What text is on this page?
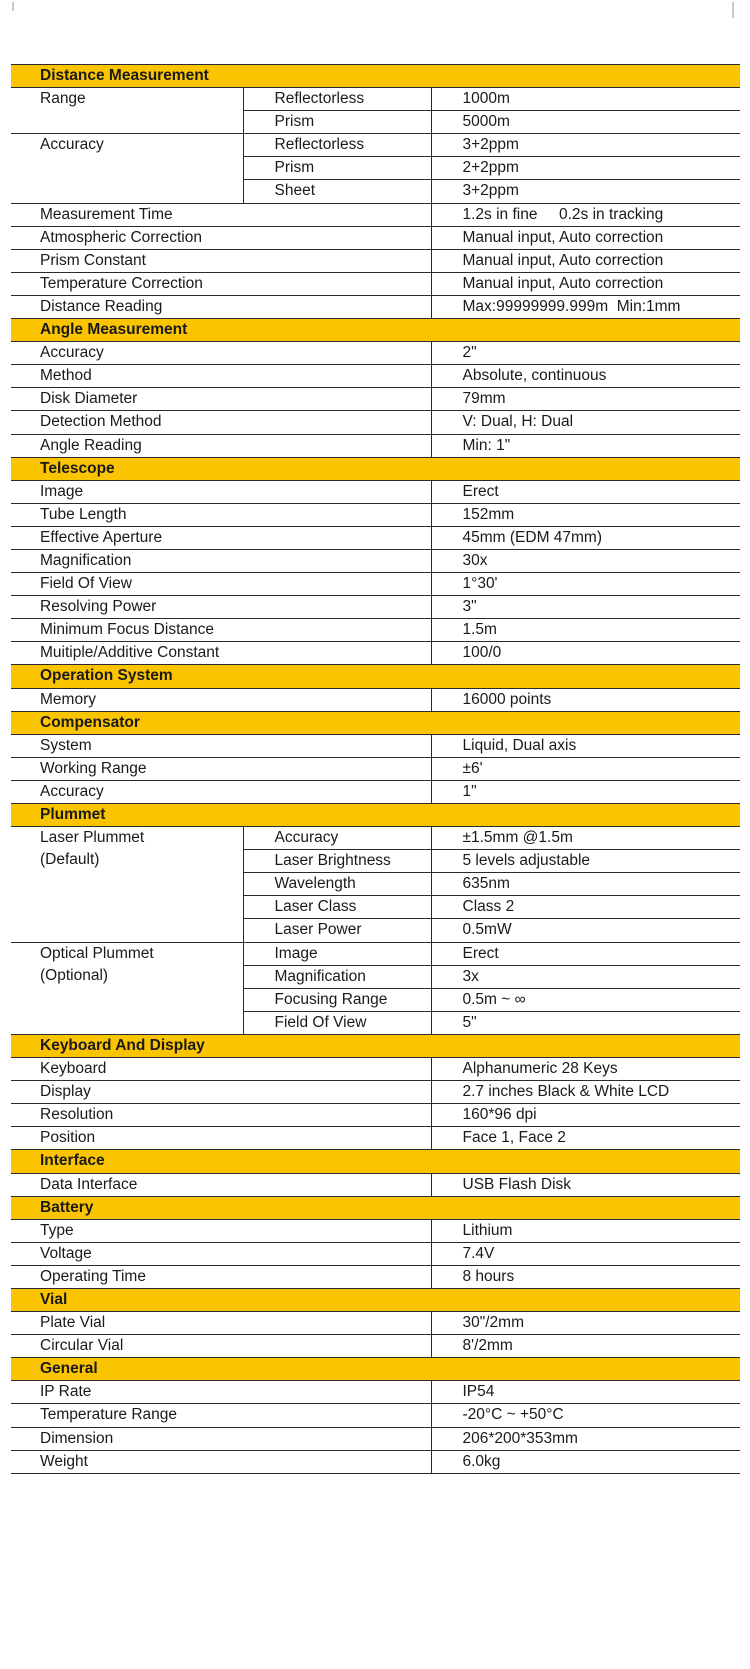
Distance Measurement		
Range	Reflectorless	1000m
	Prism	5000m
Accuracy	Reflectorless	3+2ppm
	Prism	2+2ppm
	Sheet	3+2ppm
Measurement Time		1.2s in fine     0.2s in tracking
Atmospheric Correction		Manual input, Auto correction
Prism Constant		Manual input, Auto correction
Temperature Correction		Manual input, Auto correction
Distance Reading		Max:99999999.999m  Min:1mm
Angle Measurement		
Accuracy		2"
Method		Absolute, continuous
Disk Diameter		79mm
Detection Method		V: Dual, H: Dual
Angle Reading		Min: 1"
Telescope		
Image		Erect
Tube Length		152mm
Effective Aperture		45mm (EDM 47mm)
Magnification		30x
Field Of View		1°30'
Resolving Power		3"
Minimum Focus Distance		1.5m
Muitiple/Additive Constant		100/0
Operation System		
Memory		16000 points
Compensator		
System		Liquid, Dual axis
Working Range		±6'
Accuracy		1"
Plummet		

Laser Plummet
(Default)	Accuracy	±1.5mm @1.5m
	Laser Brightness	5 levels adjustable
	Wavelength	635nm
	Laser Class	Class 2
	Laser Power	0.5mW

Optical Plummet
(Optional)	Image	Erect
	Magnification	3x
	Focusing Range	0.5m ~ ∞
	Field Of View	5"
Keyboard And Display		
Keyboard		Alphanumeric 28 Keys
Display		2.7 inches Black & White LCD
Resolution		160*96 dpi
Position		Face 1, Face 2
Interface		
Data Interface		USB Flash Disk
Battery		
Type		Lithium
Voltage		7.4V
Operating Time		8 hours
Vial		
Plate Vial		30"/2mm
Circular Vial		8'/2mm
General		
IP Rate		IP54
Temperature Range		-20°C ~ +50°C
Dimension		206*200*353mm
Weight		6.0kg
